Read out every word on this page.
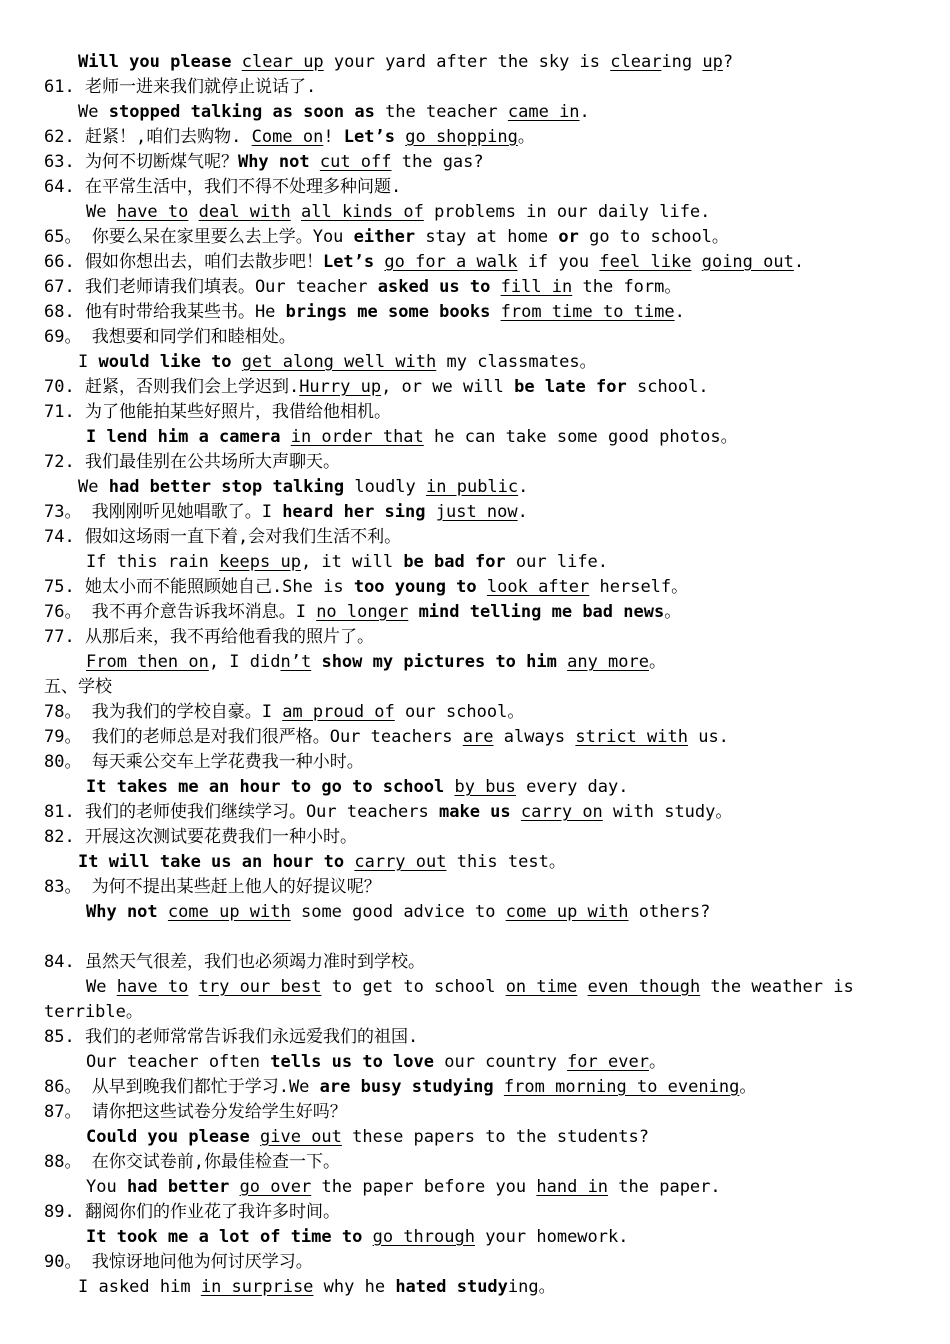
Will you please clear up your yard after the sky is clearing up?
61. 老师一进来我们就停止说话了.
We stopped talking as soon as the teacher came in.
62. 赶紧！,咱们去购物. Come on! Let’s go shopping。
63. 为何不切断煤气呢？Why not cut off the gas?
64. 在平常生活中，我们不得不处理多种问题.
We have to deal with all kinds of problems in our daily life.
65。 你要么呆在家里要么去上学。You either stay at home or go to school。
66. 假如你想出去，咱们去散步吧！Let’s go for a walk if you feel like going out.
67. 我们老师请我们填表。Our teacher asked us to fill in the form。
68. 他有时带给我某些书。He brings me some books from time to time.
69。 我想要和同学们和睦相处。
I would like to get along well with my classmates。
70. 赶紧，否则我们会上学迟到.Hurry up, or we will be late for school.
71. 为了他能拍某些好照片，我借给他相机。
I lend him a camera in order that he can take some good photos。
72. 我们最佳别在公共场所大声聊天。
We had better stop talking loudly in public.
73。 我刚刚听见她唱歌了。I heard her sing just now.
74. 假如这场雨一直下着,会对我们生活不利。
If this rain keeps up, it will be bad for our life.
75. 她太小而不能照顾她自己.She is too young to look after herself。
76。 我不再介意告诉我坏消息。I no longer mind telling me bad news。
77. 从那后来，我不再给他看我的照片了。
From then on, I didn’t show my pictures to him any more。
五、学校
78。 我为我们的学校自豪。I am proud of our school。
79。 我们的老师总是对我们很严格。Our teachers are always strict with us.
80。 每天乘公交车上学花费我一种小时。
It takes me an hour to go to school by bus every day.
81. 我们的老师使我们继续学习。Our teachers make us carry on with study。
82. 开展这次测试要花费我们一种小时。
It will take us an hour to carry out this test。
83。 为何不提出某些赶上他人的好提议呢？
Why not come up with some good advice to come up with others?
84. 虽然天气很差，我们也必须竭力准时到学校。
We have to try our best to get to school on time even though the weather is
terrible。
85. 我们的老师常常告诉我们永远爱我们的祖国.
Our teacher often tells us to love our country for ever。
86。 从早到晚我们都忙于学习.We are busy studying from morning to evening。
87。 请你把这些试卷分发给学生好吗？
Could you please give out these papers to the students?
88。 在你交试卷前,你最佳检查一下。
You had better go over the paper before you hand in the paper.
89. 翻阅你们的作业花了我许多时间。
It took me a lot of time to go through your homework.
90。 我惊讶地问他为何讨厌学习。
I asked him in surprise why he hated studying。
